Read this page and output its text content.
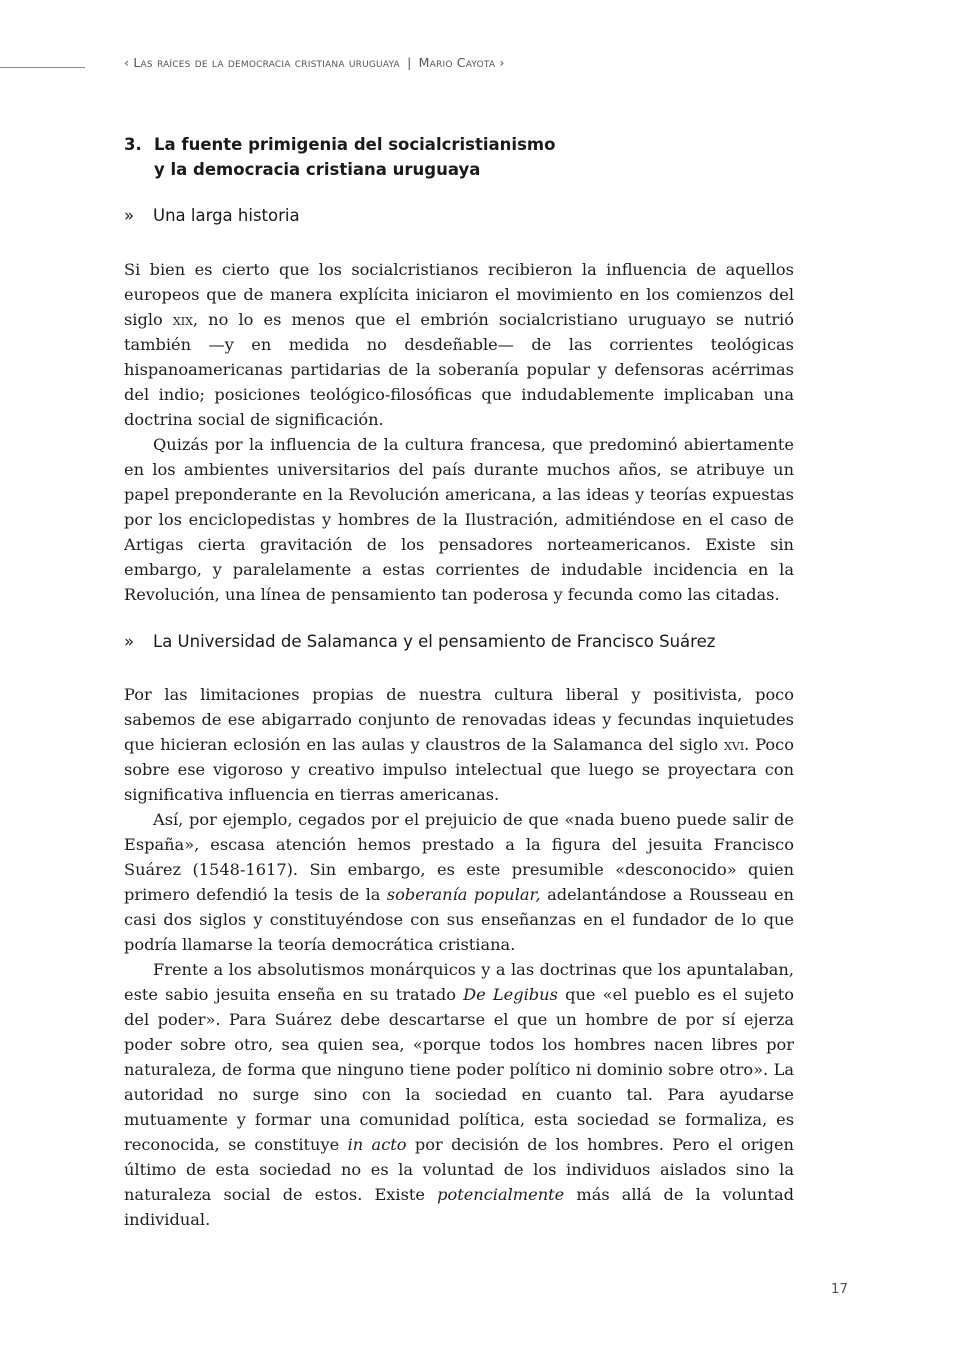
‹ Las raíces de la democracia cristiana uruguaya | Mario Cayota ›
3. La fuente primigenia del socialcristianismo
y la democracia cristiana uruguaya
»	Una larga historia

Si bien es cierto que los socialcristianos recibieron la influencia de aquellos europeos que de manera explícita iniciaron el movimiento en los comienzos del siglo xix, no lo es menos que el embrión socialcristiano uruguayo se nutrió también —y en medida no desdeñable— de las corrientes teológicas hispanoamericanas partidarias de la soberanía popular y defensoras acérrimas del indio; posiciones teológico-filosóficas que indudablemente implicaban una doctrina social de significación.

Quizás por la influencia de la cultura francesa, que predominó abiertamente en los ambientes universitarios del país durante muchos años, se atribuye un papel preponderante en la Revolución americana, a las ideas y teorías expuestas por los enciclopedistas y hombres de la Ilustración, admitiéndose en el caso de Artigas cierta gravitación de los pensadores norteamericanos. Existe sin embargo, y paralelamente a estas corrientes de indudable incidencia en la Revolución, una línea de pensamiento tan poderosa y fecunda como las citadas.

»	La Universidad de Salamanca y el pensamiento de Francisco Suárez

Por las limitaciones propias de nuestra cultura liberal y positivista, poco sabemos de ese abigarrado conjunto de renovadas ideas y fecundas inquietudes que hicieran eclosión en las aulas y claustros de la Salamanca del siglo xvi. Poco sobre ese vigoroso y creativo impulso intelectual que luego se proyectara con significativa influencia en tierras americanas.

Así, por ejemplo, cegados por el prejuicio de que «nada bueno puede salir de España», escasa atención hemos prestado a la figura del jesuita Francisco Suárez (1548-1617). Sin embargo, es este presumible «desconocido» quien primero defendió la tesis de la soberanía popular, adelantándose a Rousseau en casi dos siglos y constituyéndose con sus enseñanzas en el fundador de lo que podría llamarse la teoría democrática cristiana.

Frente a los absolutismos monárquicos y a las doctrinas que los apuntalaban, este sabio jesuita enseña en su tratado De Legibus que «el pueblo es el sujeto del poder». Para Suárez debe descartarse el que un hombre de por sí ejerza poder sobre otro, sea quien sea, «porque todos los hombres nacen libres por naturaleza, de forma que ninguno tiene poder político ni dominio sobre otro». La autoridad no surge sino con la sociedad en cuanto tal. Para ayudarse mutuamente y formar una comunidad política, esta sociedad se formaliza, es reconocida, se constituye in acto por decisión de los hombres. Pero el origen último de esta sociedad no es la voluntad de los individuos aislados sino la naturaleza social de estos. Existe potencialmente más allá de la voluntad individual.

17
